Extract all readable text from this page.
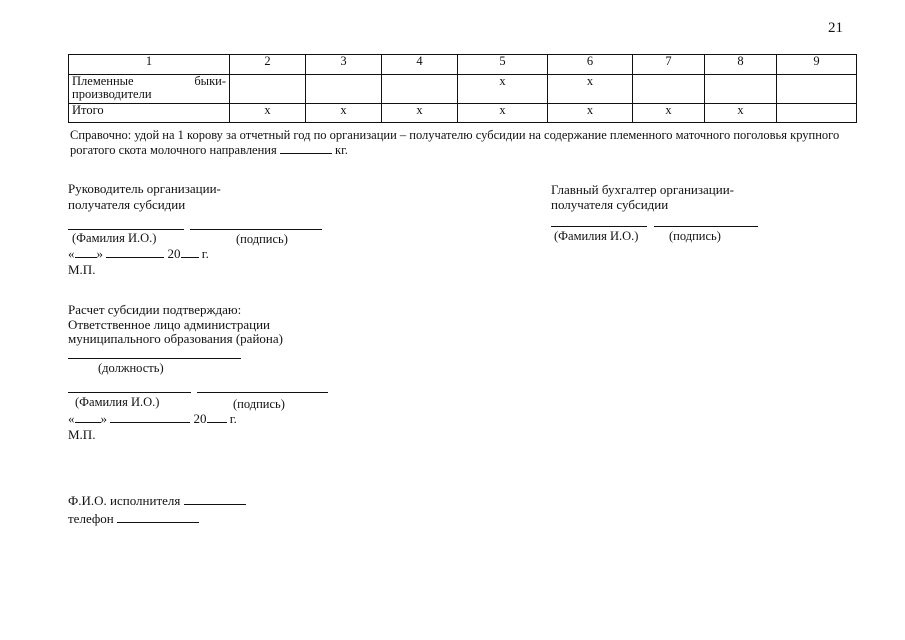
21
1	2	3	4	5	6	7	8	9

Племенные быки-
производители				х	х			
Итого	х	х	х	х	х	х	х	
Справочно: удой на 1 корову за отчетный год по организации – получателю субсидии на содержание племенного маточного поголовья крупного рогатого скота молочного направления	кг.
Руководитель организации-
получателя субсидии
(Фамилия И.О.)	(подпись)
« »	20 г.
М.П.
Главный бухгалтер организации-
получателя субсидии
(Фамилия И.О.) (подпись)
Расчет субсидии подтверждаю:
Ответственное лицо администрации
муниципального образования (района)
(должность)
(Фамилия И.О.)	(подпись)
« »	20 г.
М.П.
Ф.И.О. исполнителя
телефон
